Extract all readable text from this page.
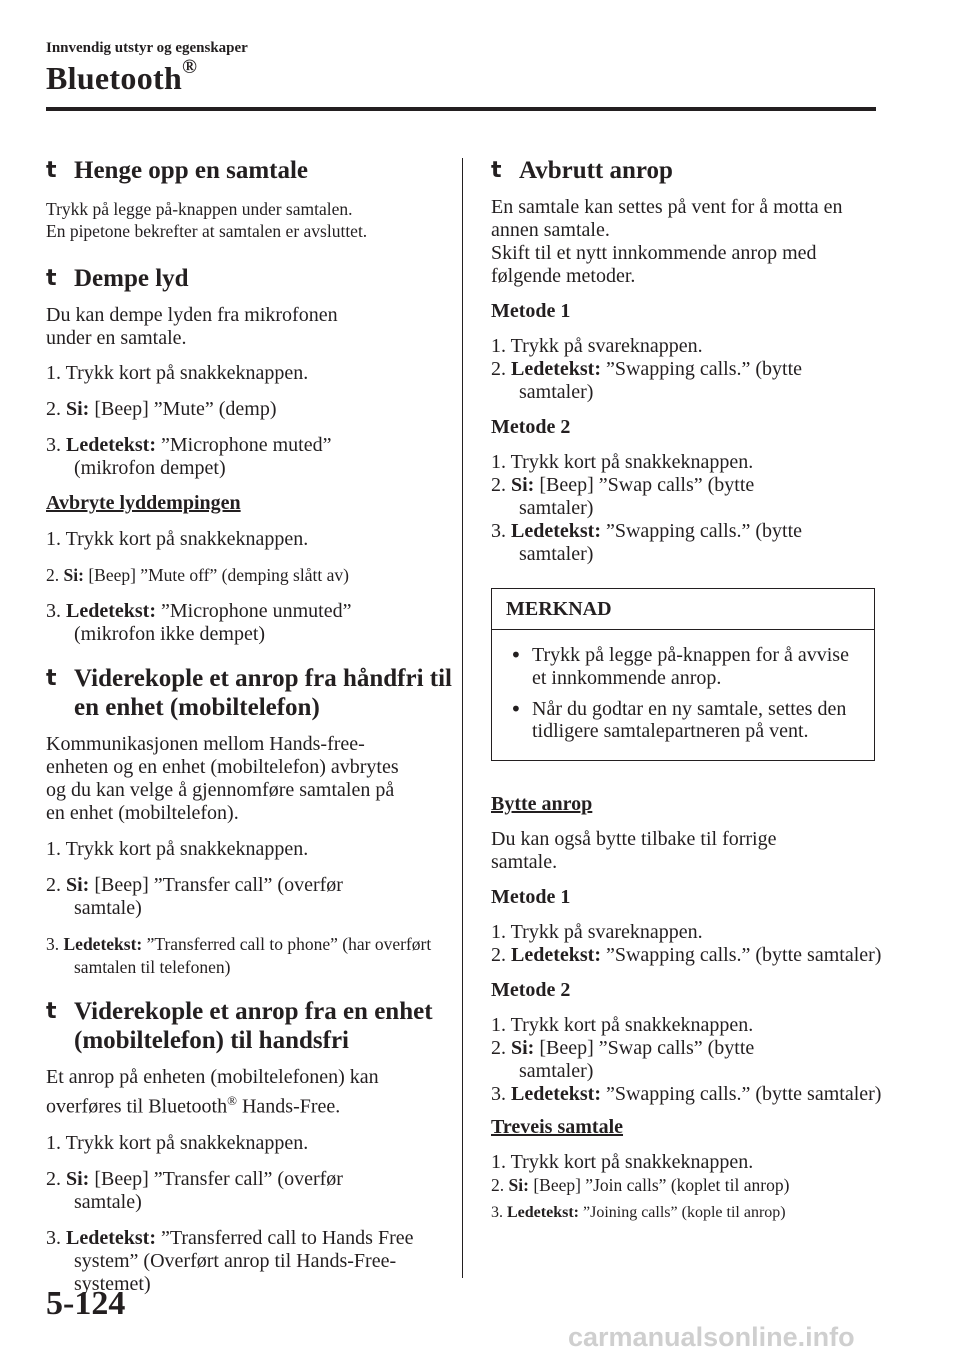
Innvendig utstyr og egenskaper
Bluetooth®
t Henge opp en samtale

Trykk på legge på-knappen under samtalen.

En pipetone bekrefter at samtalen er avsluttet.

t Dempe lyd

Du kan dempe lyden fra mikrofonen under en samtale.

1. Trykk kort på snakkeknappen.
2. Si: [Beep] ”Mute” (demp)
3. Ledetekst: ”Microphone muted” (mikrofon dempet)
Avbryte lyddempingen
1. Trykk kort på snakkeknappen.
2. Si: [Beep] ”Mute off” (demping slått av)
3. Ledetekst: ”Microphone unmuted” (mikrofon ikke dempet)
t Viderekople et anrop fra håndfri til en enhet (mobiltelefon)

Kommunikasjonen mellom Hands-free-enheten og en enhet (mobiltelefon) avbrytes og du kan velge å gjennomføre samtalen på en enhet (mobiltelefon).

1. Trykk kort på snakkeknappen.
2. Si: [Beep] ”Transfer call” (overfør samtale)
3. Ledetekst: ”Transferred call to phone” (har overført samtalen til telefonen)
t Viderekople et anrop fra en enhet (mobiltelefon) til handsfri

Et anrop på enheten (mobiltelefonen) kan overføres til Bluetooth® Hands-Free.

1. Trykk kort på snakkeknappen.
2. Si: [Beep] ”Transfer call” (overfør samtale)
3. Ledetekst: ”Transferred call to Hands Free system” (Overført anrop til Hands-Free-systemet)
t Avbrutt anrop

En samtale kan settes på vent for å motta en annen samtale.

Skift til et nytt innkommende anrop med følgende metoder.

Metode 1

1. Trykk på svareknappen.
2. Ledetekst: ”Swapping calls.” (bytte samtaler)

Metode 2

1. Trykk kort på snakkeknappen.
2. Si: [Beep] ”Swap calls” (bytte samtaler)
3. Ledetekst: ”Swapping calls.” (bytte samtaler)
MERKNAD
• Trykk på legge på-knappen for å avvise et innkommende anrop.
• Når du godtar en ny samtale, settes den tidligere samtalepartneren på vent.
Bytte anrop

Du kan også bytte tilbake til forrige samtale.

Metode 1

1. Trykk på svareknappen.
2. Ledetekst: ”Swapping calls.” (bytte samtaler)

Metode 2

1. Trykk kort på snakkeknappen.
2. Si: [Beep] ”Swap calls” (bytte samtaler)
3. Ledetekst: ”Swapping calls.” (bytte samtaler)
Treveis samtale
1. Trykk kort på snakkeknappen.
2. Si: [Beep] ”Join calls” (koplet til anrop)
3. Ledetekst: ”Joining calls” (kople til anrop)
5-124
carmanualsonline.info
